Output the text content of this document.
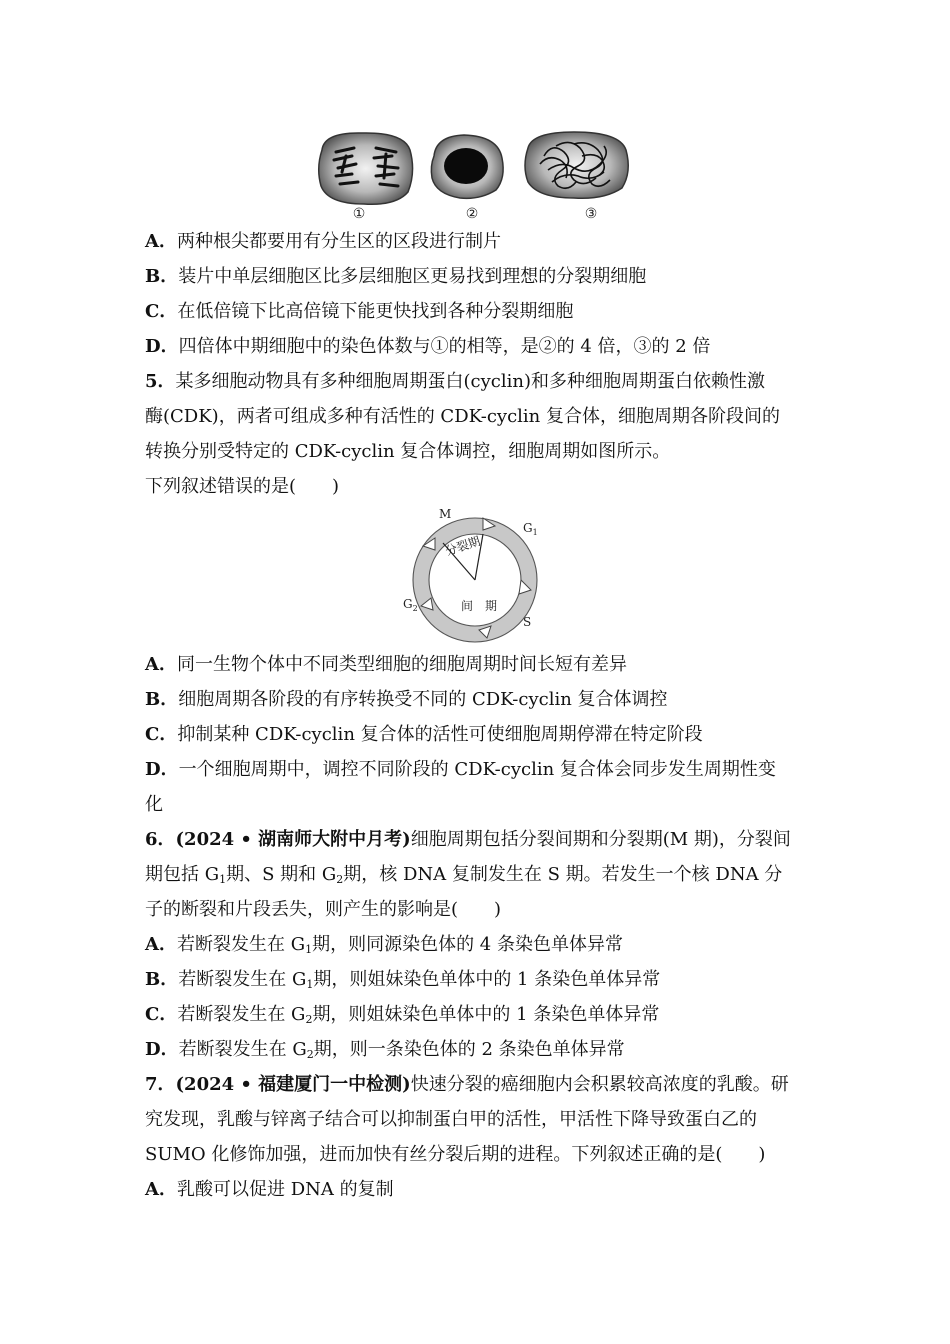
①	②	③
A．两种根尖都要用有分生区的区段进行制片
B．装片中单层细胞区比多层细胞区更易找到理想的分裂期细胞
C．在低倍镜下比高倍镜下能更快找到各种分裂期细胞
D．四倍体中期细胞中的染色体数与①的相等，是②的 4 倍，③的 2 倍
5．某多细胞动物具有多种细胞周期蛋白(cyclin)和多种细胞周期蛋白依赖性激
酶(CDK)，两者可组成多种有活性的 CDK-cyclin 复合体，细胞周期各阶段间的
转换分别受特定的 CDK-cyclin 复合体调控，细胞周期如图所示。
下列叙述错误的是(　　)
M
$G_1$
S
$G_2$
分裂期
间　期
A．同一生物个体中不同类型细胞的细胞周期时间长短有差异
B．细胞周期各阶段的有序转换受不同的 CDK-cyclin 复合体调控
C．抑制某种 CDK-cyclin 复合体的活性可使细胞周期停滞在特定阶段
D．一个细胞周期中，调控不同阶段的 CDK-cyclin 复合体会同步发生周期性变
化
6．(2024 • 湖南师大附中月考)细胞周期包括分裂间期和分裂期(M 期)，分裂间
期包括 $G_1$期、S 期和 $G_2$期，核 DNA 复制发生在 S 期。若发生一个核 DNA 分
子的断裂和片段丢失，则产生的影响是(　　)
A．若断裂发生在 $G_1$期，则同源染色体的 4 条染色单体异常
B．若断裂发生在 $G_1$期，则姐妹染色单体中的 1 条染色单体异常
C．若断裂发生在 $G_2$期，则姐妹染色单体中的 1 条染色单体异常
D．若断裂发生在 $G_2$期，则一条染色体的 2 条染色单体异常
7．(2024 • 福建厦门一中检测)快速分裂的癌细胞内会积累较高浓度的乳酸。研
究发现，乳酸与锌离子结合可以抑制蛋白甲的活性，甲活性下降导致蛋白乙的
SUMO 化修饰加强，进而加快有丝分裂后期的进程。下列叙述正确的是(　　)
A．乳酸可以促进 DNA 的复制
